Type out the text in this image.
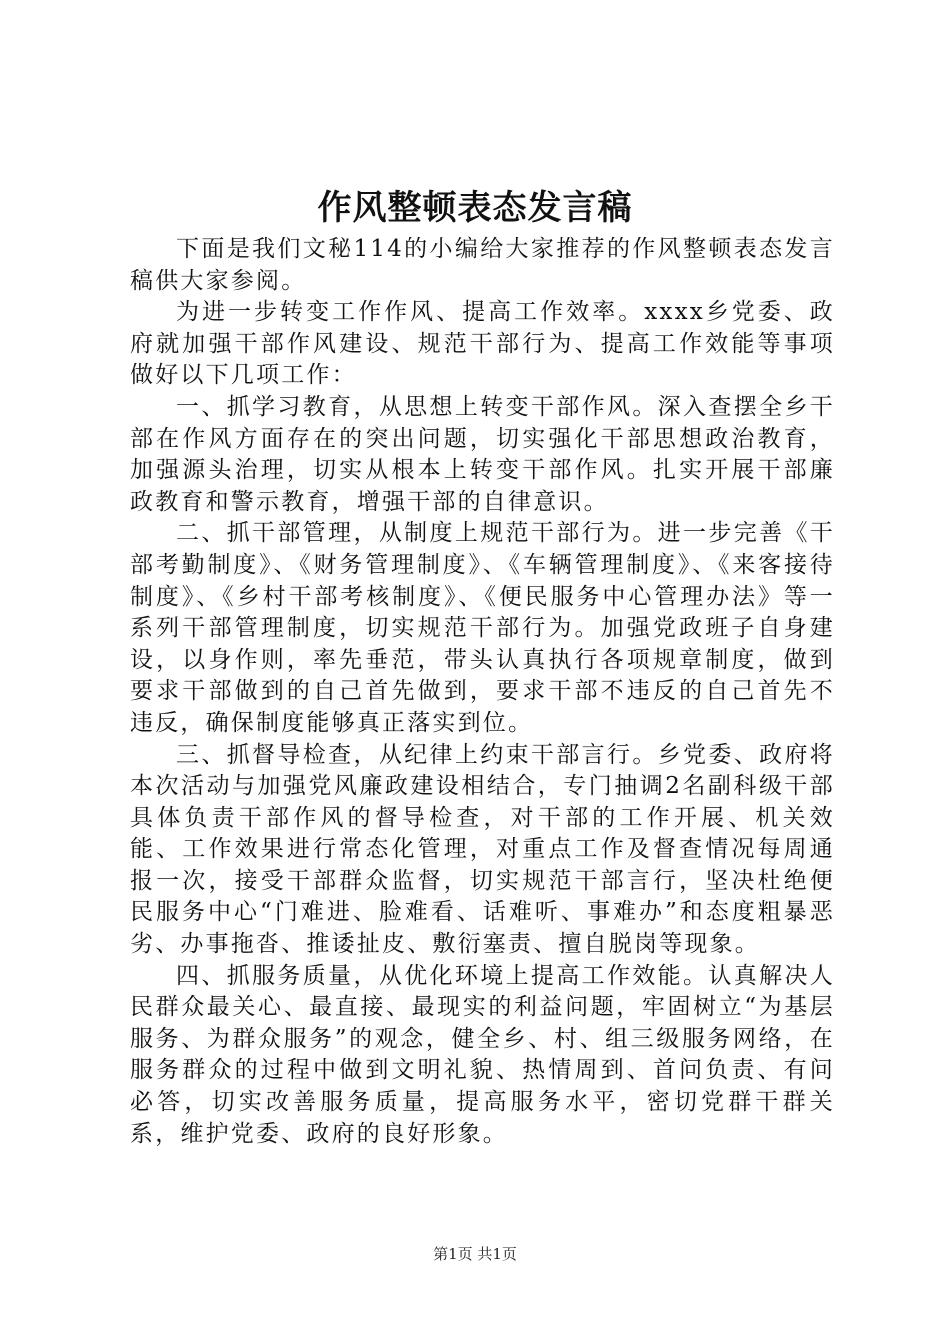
作风整顿表态发言稿

下面是我们文秘114的小编给大家推荐的作风整顿表态发言稿供大家参阅。

为进一步转变工作作风、提高工作效率。xxxx乡党委、政府就加强干部作风建设、规范干部行为、提高工作效能等事项做好以下几项工作：

一、抓学习教育，从思想上转变干部作风。深入查摆全乡干部在作风方面存在的突出问题，切实强化干部思想政治教育，加强源头治理，切实从根本上转变干部作风。扎实开展干部廉政教育和警示教育，增强干部的自律意识。

二、抓干部管理，从制度上规范干部行为。进一步完善《干部考勤制度》、《财务管理制度》、《车辆管理制度》、《来客接待制度》、《乡村干部考核制度》、《便民服务中心管理办法》等一系列干部管理制度，切实规范干部行为。加强党政班子自身建设，以身作则，率先垂范，带头认真执行各项规章制度，做到要求干部做到的自己首先做到，要求干部不违反的自己首先不违反，确保制度能够真正落实到位。

三、抓督导检查，从纪律上约束干部言行。乡党委、政府将本次活动与加强党风廉政建设相结合，专门抽调2名副科级干部具体负责干部作风的督导检查，对干部的工作开展、机关效能、工作效果进行常态化管理，对重点工作及督查情况每周通报一次，接受干部群众监督，切实规范干部言行，坚决杜绝便民服务中心“门难进、脸难看、话难听、事难办”和态度粗暴恶劣、办事拖沓、推诿扯皮、敷衍塞责、擅自脱岗等现象。

四、抓服务质量，从优化环境上提高工作效能。认真解决人民群众最关心、最直接、最现实的利益问题，牢固树立“为基层服务、为群众服务”的观念，健全乡、村、组三级服务网络，在服务群众的过程中做到文明礼貌、热情周到、首问负责、有问必答，切实改善服务质量，提高服务水平，密切党群干群关系，维护党委、政府的良好形象。

第1页 共1页
